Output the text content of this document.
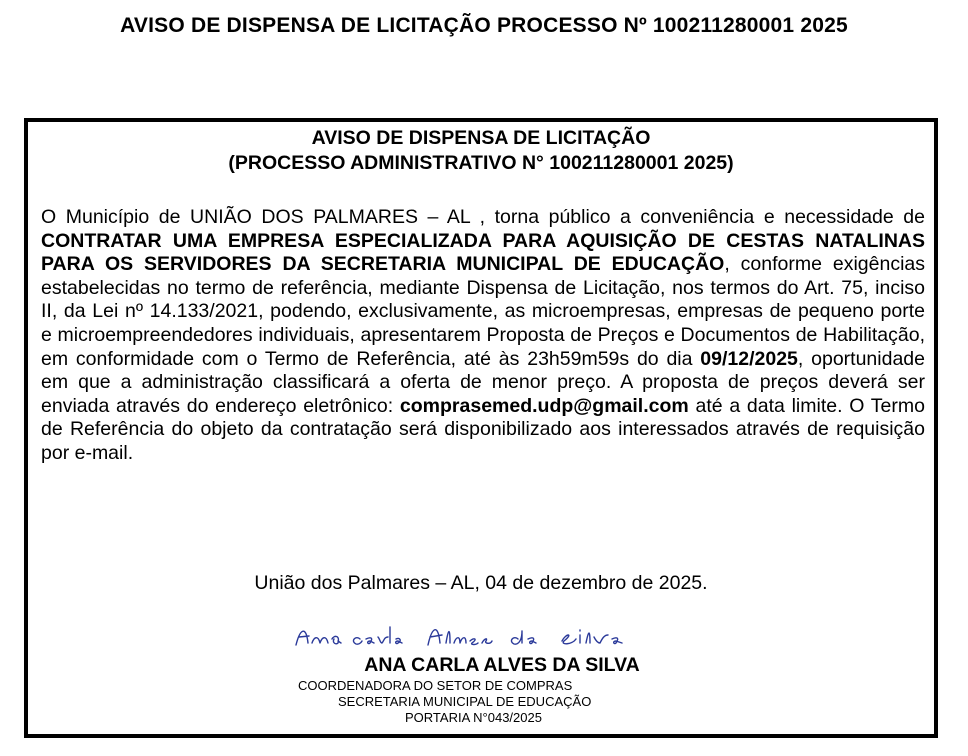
AVISO DE DISPENSA DE LICITAÇÃO PROCESSO Nº 100211280001 2025
AVISO DE DISPENSA DE LICITAÇÃO
(PROCESSO ADMINISTRATIVO N° 100211280001 2025)
O Município de UNIÃO DOS PALMARES – AL , torna público a conveniência e necessidade de CONTRATAR UMA EMPRESA ESPECIALIZADA PARA AQUISIÇÃO DE CESTAS NATALINAS PARA OS SERVIDORES DA SECRETARIA MUNICIPAL DE EDUCAÇÃO, conforme exigências estabelecidas no termo de referência, mediante Dispensa de Licitação, nos termos do Art. 75, inciso II, da Lei nº 14.133/2021, podendo, exclusivamente, as microempresas, empresas de pequeno porte e microempreendedores individuais, apresentarem Proposta de Preços e Documentos de Habilitação, em conformidade com o Termo de Referência, até às 23h59m59s do dia 09/12/2025, oportunidade em que a administração classificará a oferta de menor preço. A proposta de preços deverá ser enviada através do endereço eletrônico: comprasemed.udp@gmail.com até a data limite. O Termo de Referência do objeto da contratação será disponibilizado aos interessados através de requisição por e-mail.
União dos Palmares – AL, 04 de dezembro de 2025.
ANA CARLA ALVES DA SILVA
COORDENADORA DO SETOR DE COMPRAS
SECRETARIA MUNICIPAL DE EDUCAÇÃO
PORTARIA N°043/2025
